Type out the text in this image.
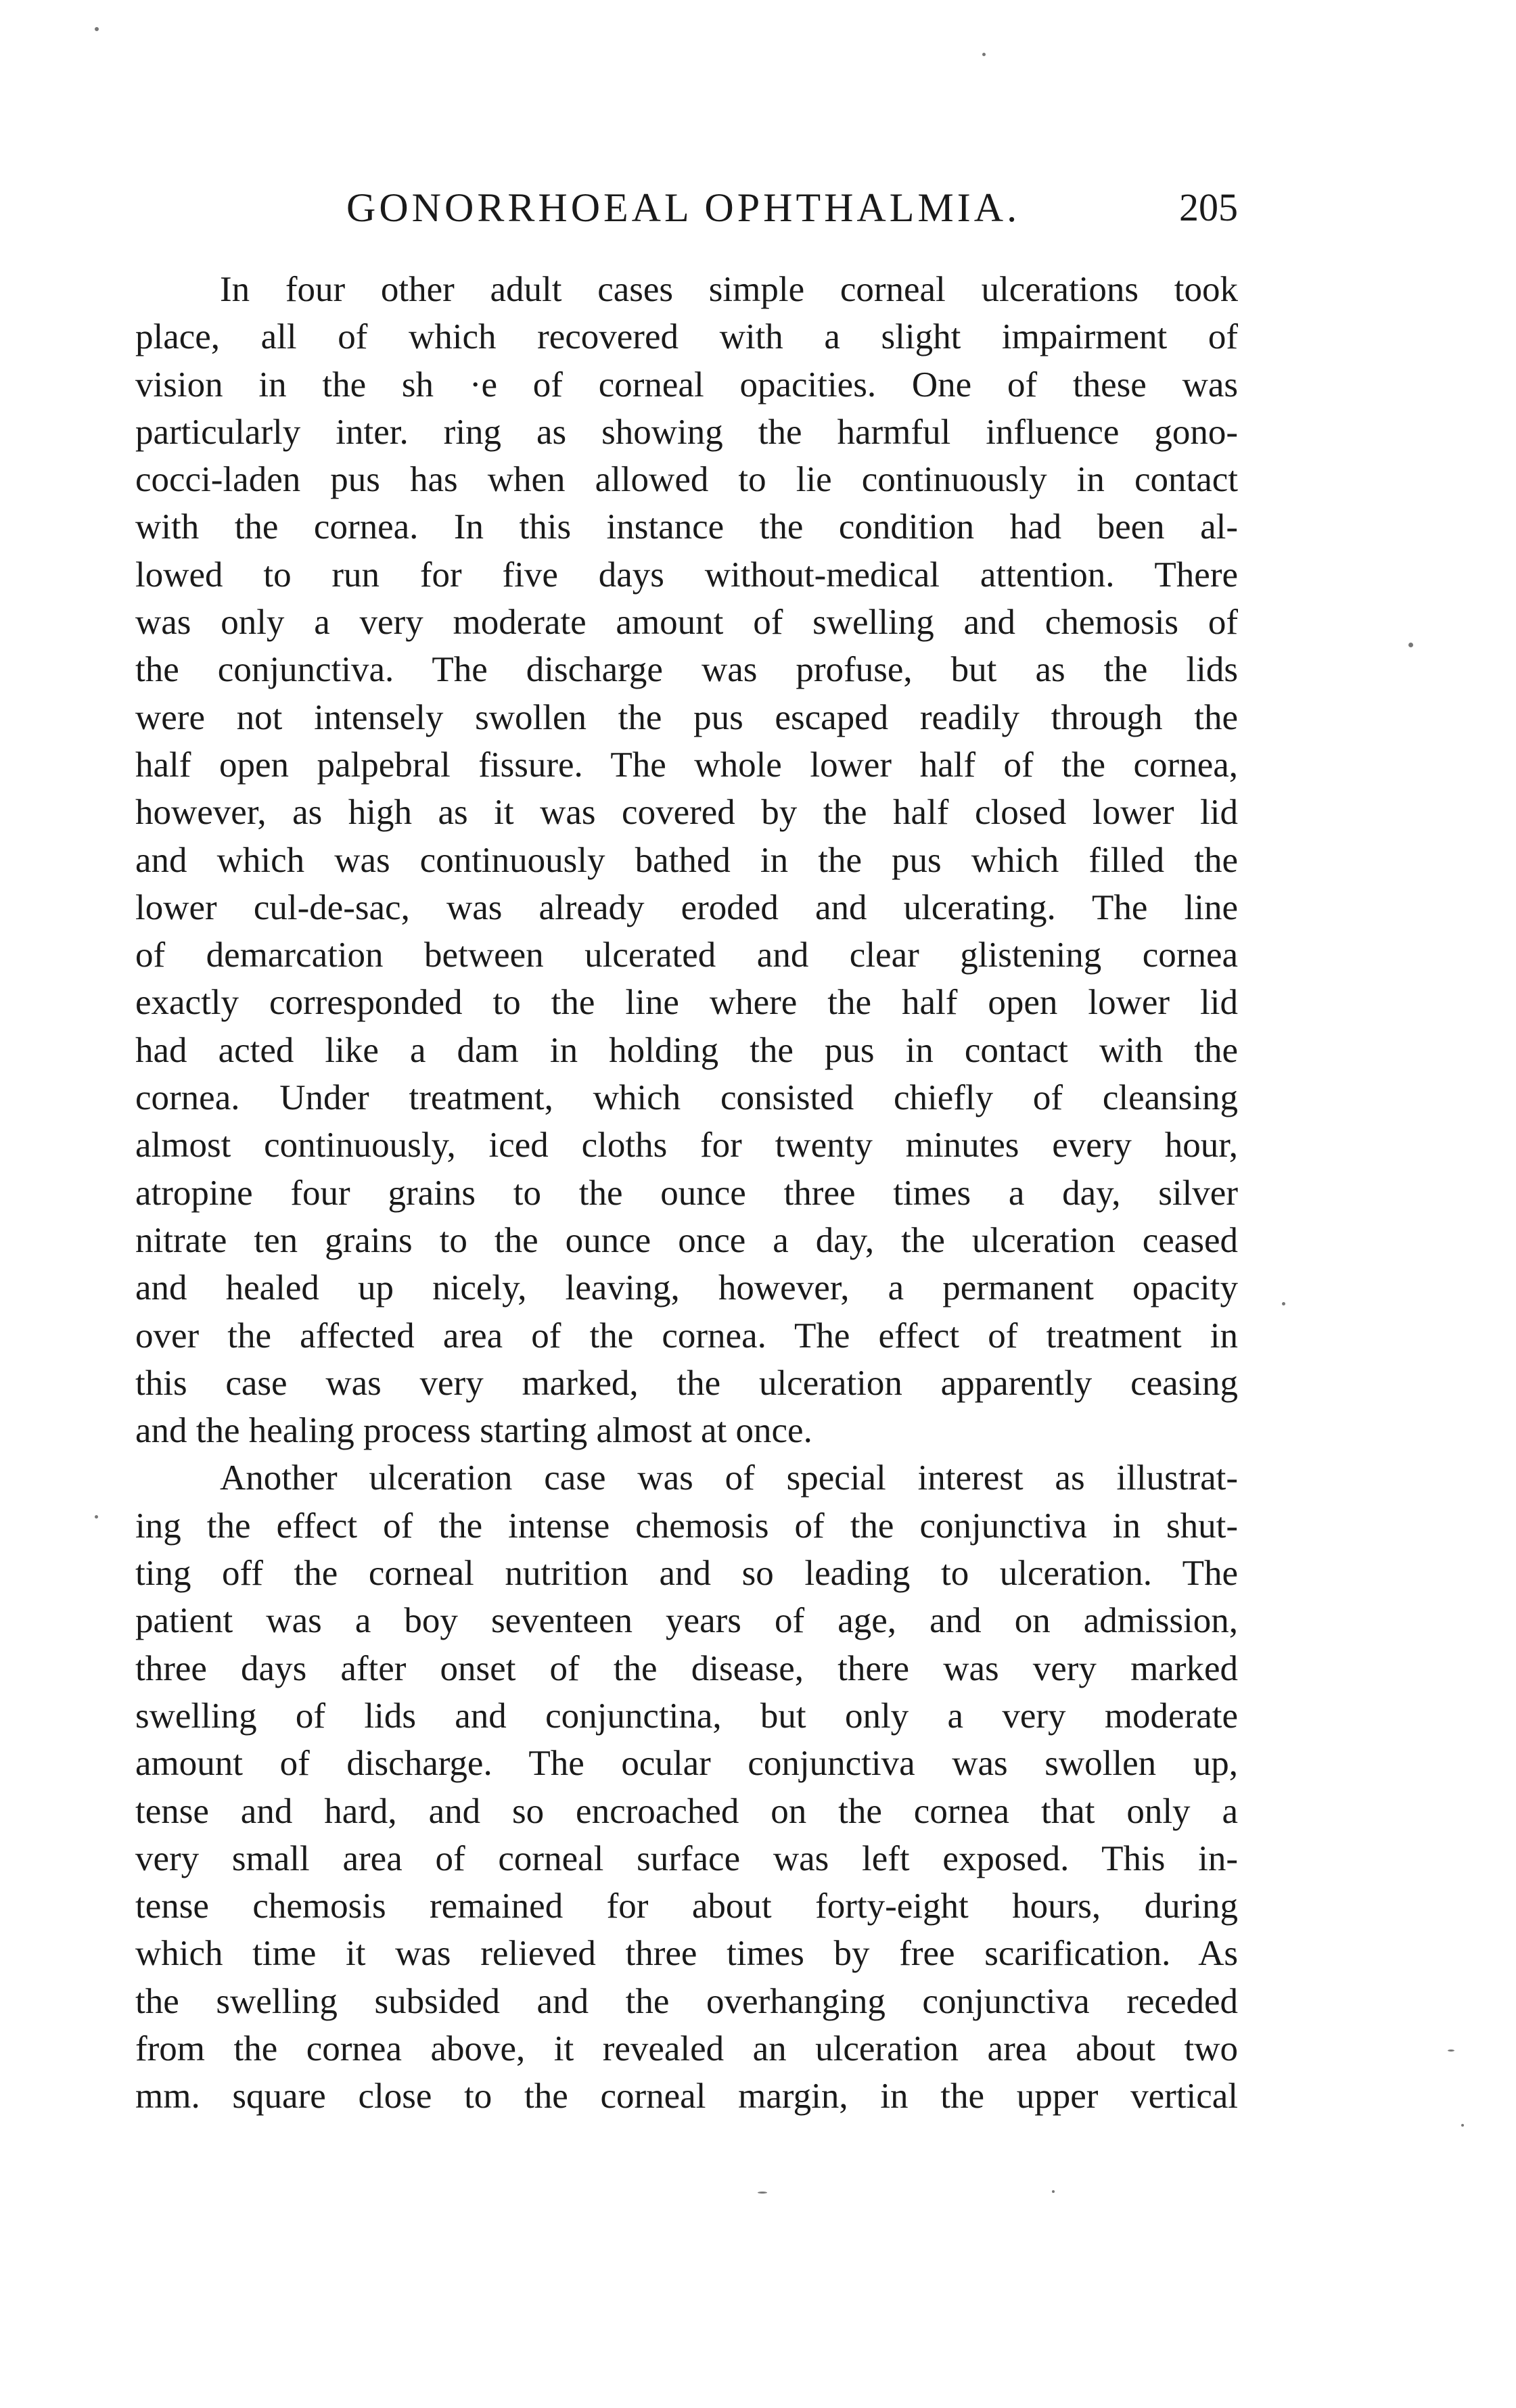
GONORRHOEAL OPHTHALMIA.	205
In four other adult cases simple corneal ulcerations took
place, all of which recovered with a slight impairment of
vision in the sh ·e of corneal opacities. One of these was
particularly inter. ring as showing the harmful influence gono-
cocci-laden pus has when allowed to lie continuously in contact
with the cornea. In this instance the condition had been al-
lowed to run for five days without-medical attention. There
was only a very moderate amount of swelling and chemosis of
the conjunctiva. The discharge was profuse, but as the lids
were not intensely swollen the pus escaped readily through the
half open palpebral fissure. The whole lower half of the cornea,
however, as high as it was covered by the half closed lower lid
and which was continuously bathed in the pus which filled the
lower cul-de-sac, was already eroded and ulcerating. The line
of demarcation between ulcerated and clear glistening cornea
exactly corresponded to the line where the half open lower lid
had acted like a dam in holding the pus in contact with the
cornea. Under treatment, which consisted chiefly of cleansing
almost continuously, iced cloths for twenty minutes every hour,
atropine four grains to the ounce three times a day, silver
nitrate ten grains to the ounce once a day, the ulceration ceased
and healed up nicely, leaving, however, a permanent opacity
over the affected area of the cornea. The effect of treatment in
this case was very marked, the ulceration apparently ceasing
and the healing process starting almost at once.
Another ulceration case was of special interest as illustrat-
ing the effect of the intense chemosis of the conjunctiva in shut-
ting off the corneal nutrition and so leading to ulceration. The
patient was a boy seventeen years of age, and on admission,
three days after onset of the disease, there was very marked
swelling of lids and conjunctina, but only a very moderate
amount of discharge. The ocular conjunctiva was swollen up,
tense and hard, and so encroached on the cornea that only a
very small area of corneal surface was left exposed. This in-
tense chemosis remained for about forty-eight hours, during
which time it was relieved three times by free scarification. As
the swelling subsided and the overhanging conjunctiva receded
from the cornea above, it revealed an ulceration area about two
mm. square close to the corneal margin, in the upper vertical
